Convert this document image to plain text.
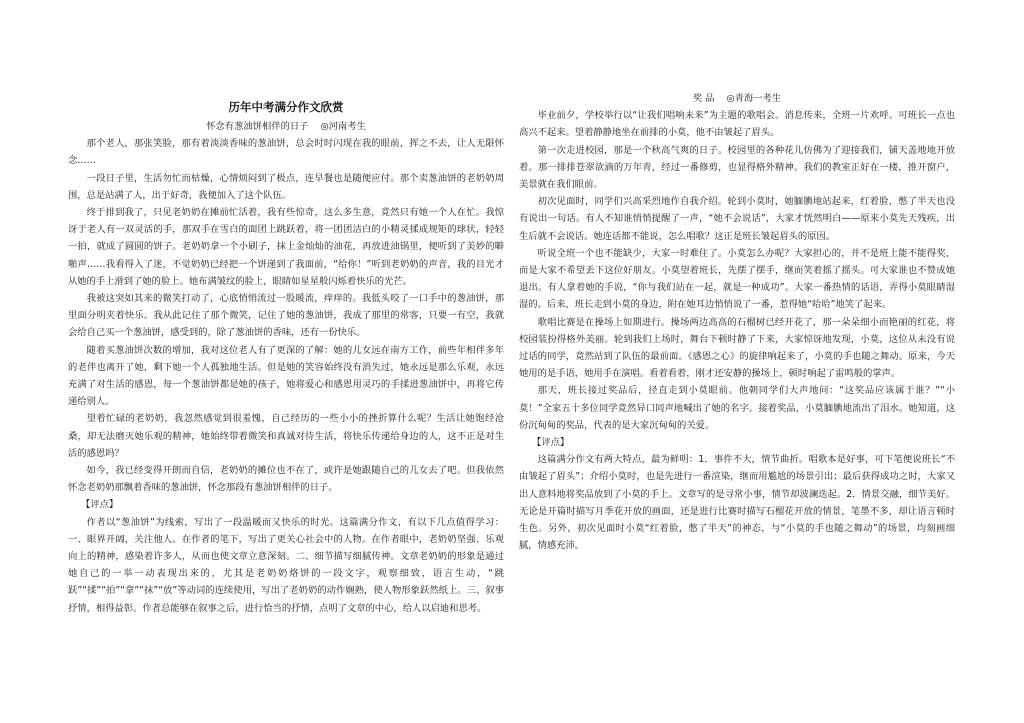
历年中考满分作文欣赏
怀念有葱油饼相伴的日子 ◎河南考生

那个老人，那张笑脸，那有着淡淡香味的葱油饼，总会时时闪现在我的眼前，挥之不去，让人无限怀念……

一段日子里，生活勿忙而枯燥，心情烦闷到了极点，连早餐也是随便应付。那个卖葱油饼的老奶奶周围，总是站满了人，出于好奇，我便加入了这个队伍。

终于排到我了，只见老奶奶在摊前忙活着，我有些惊奇，这么多生意，竟然只有她一个人在忙。我惊讶于老人有一双灵活的手，那双手在雪白的面团上跳跃着，将一团团洁白的小精灵揉成规矩的球状，轻轻一拍，就成了圆圆的饼子。老奶奶拿一个小刷子，抹上金灿灿的油花，再放进油锅里，便听到了美妙的噼啪声……我看得入了迷，不觉奶奶已经把一个饼递到了我面前，“给你！”听到老奶奶的声音，我的目光才从她的手上滑到了她的脸上。她布满皱纹的脸上，眼睛如星星般闪烁着快乐的光芒。

我被这突如其来的微笑打动了，心底悄悄流过一股暖流，痒痒的。我低头咬了一口手中的葱油饼，那里面分明夹着快乐。我从此记住了那个微笑，记住了她的葱油饼，我成了那里的常客，只要一有空，我就会给自己买一个葱油饼，感受到的，除了葱油饼的香味，还有一份快乐。

随着买葱油饼次数的增加，我对这位老人有了更深的了解：她的儿女远在南方工作，前些年相伴多年的老伴也离开了她，剩下她一个人孤独地生活。但是她的笑容始终没有消失过，她永远是那么乐观，永远充满了对生活的感恩，每一个葱油饼都是她的孩子，她将爱心和感恩用灵巧的手揉进葱油饼中，再将它传递给别人。

望着忙碌的老奶奶，我忽然感觉到很羞愧，自己经历的一些小小的挫折算什么呢？生活让她饱经沧桑，却无法磨灭她乐观的精神，她始终带着微笑和真诚对待生活，将快乐传递给身边的人，这不正是对生活的感恩吗？

如今，我已经变得开朗而自信，老奶奶的摊位也不在了，或许是她跟随自己的儿女去了吧。但我依然怀念老奶奶那飘着香味的葱油饼，怀念那段有葱油饼相伴的日子。

【评点】

作者以“葱油饼”为线索，写出了一段温暖而又快乐的时光。这篇满分作文，有以下几点值得学习：一、眼界开阔，关注他人。在作者的笔下，写出了更关心社会中的人物。在作者眼中，老奶奶坚强、乐观向上的精神，感染着许多人，从而也使文章立意深刻。二、细节描写细腻传神。文章老奶奶的形象是通过她自己的一举一动表现出来的，尤其是老奶奶烙饼的一段文字，观察细致，语言生动，“跳跃”“揉”“拍”“拿”“抹”“放”等动词的连续使用，写出了老奶奶的动作娴熟，使人物形象跃然纸上。三、叙事抒情，相得益彰。作者总能够在叙事之后，进行恰当的抒情，点明了文章的中心，给人以启迪和思考。

奖 品 ◎青海一考生

毕业前夕，学校举行以“让我们唱响未来”为主题的歌唱会。消息传来，全班一片欢呼。可班长一点也高兴不起来。望着静静地坐在前排的小莫，他不由皱起了眉头。

第一次走进校园，那是一个秋高气爽的日子。校园里的各种花儿仿佛为了迎接我们，铺天盖地地开放着。那一排排苍翠欲滴的万年青，经过一番修剪，也显得格外精神。我们的教室正好在一楼，推开窗户，美景就在我们眼前。

初次见面时，同学们兴高采烈地作自我介绍。轮到小莫时，她腼腆地站起来，红着脸，憋了半天也没有说出一句话。有人不知谁悄悄提醒了一声，“她不会说话”，大家才恍然明白——原来小莫先天残疾，出生后就不会说话。她连话都不能说，怎么唱歌？这正是班长皱起眉头的原因。

听说全班一个也不能缺少，大家一时难住了。小莫怎么办呢？大家担心的，并不是班上能不能得奖，而是大家不希望丢下这位好朋友。小莫望着班长，先摆了摆手，继而笑着摇了摇头。可大家谁也不赞成她退出。有人拿着她的手说，“你与我们站在一起，就是一种成功”。大家一番热情的话语，弄得小莫眼睛湿湿的。后来，班长走到小莫的身边，附在她耳边悄悄说了一番，惹得她“哈哈”地笑了起来。

歌唱比赛是在操场上如期进行。操场两边高高的石榴树已经开花了，那一朵朵细小而艳丽的红花，将校园装扮得格外美丽。轮到我们上场时，舞台下顿时静了下来，大家惊讶地发现，小莫，这位从未没有说过话的同学，竟然站到了队伍的最前面。《感恩之心》的旋律响起来了，小莫的手也随之舞动。原来，今天她用的是手语，她用手在演唱。看着看着，刚才还安静的操场上，顿时响起了雷鸣般的掌声。

那天，班长接过奖品后，径直走到小莫眼前。他朝同学们大声地问：“这奖品应该属于谁？”“小莫！”全家五十多位同学竟然异口同声地喊出了她的名字。接着奖品，小莫腼腆地流出了泪水。她知道，这份沉甸甸的奖品，代表的是大家沉甸甸的关爱。

【评点】

这篇满分作文有两大特点，最为鲜明：1．事件不大，情节曲折。唱歌本是好事，可下笔便说班长“不由皱起了眉头”；介绍小莫时，也是先进行一番渲染，继而用尴尬的场景引出；最后获得成功之时，大家又出人意料地将奖品放到了小莫的手上。文章写的是寻常小事，情节却波澜迭起。2．情景交融，细节美好。无论是开篇时描写月季花开放的画面，还是进行比赛时描写石榴花开放的情景，笔墨不多，却让语言顿时生色。另外，初次见面时小莫“红着脸，憋了半天”的神态，与“小莫的手也随之舞动”的场景，均刻画细腻，情感充沛。
